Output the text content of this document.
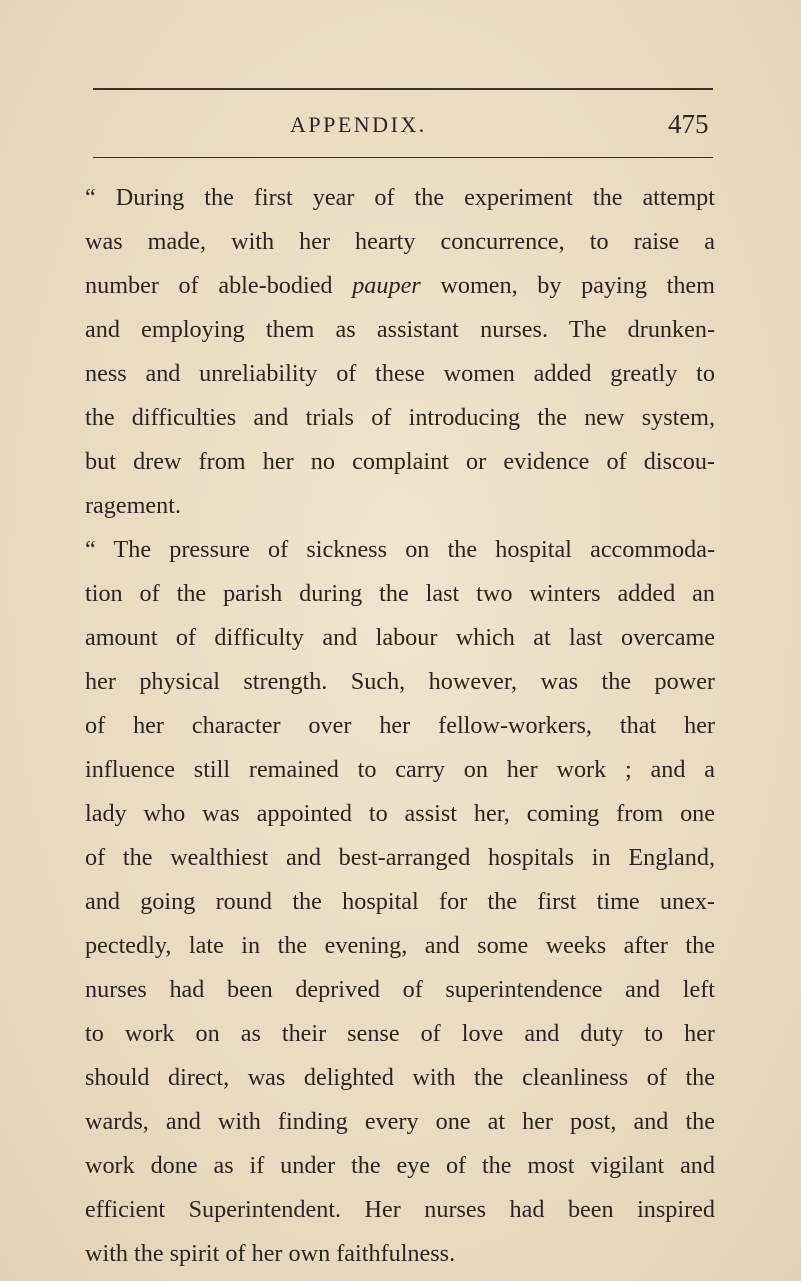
APPENDIX.	475
“ During the first year of the experiment the attempt
was made, with her hearty concurrence, to raise a
number of able-bodied pauper women, by paying them
and employing them as assistant nurses. The drunken-
ness and unreliability of these women added greatly to
the difficulties and trials of introducing the new system,
but drew from her no complaint or evidence of discou-
ragement.
“ The pressure of sickness on the hospital accommoda-
tion of the parish during the last two winters added an
amount of difficulty and labour which at last overcame
her physical strength. Such, however, was the power
of her character over her fellow-workers, that her
influence still remained to carry on her work ; and a
lady who was appointed to assist her, coming from one
of the wealthiest and best-arranged hospitals in England,
and going round the hospital for the first time unex-
pectedly, late in the evening, and some weeks after the
nurses had been deprived of superintendence and left
to work on as their sense of love and duty to her
should direct, was delighted with the cleanliness of the
wards, and with finding every one at her post, and the
work done as if under the eye of the most vigilant and
efficient Superintendent. Her nurses had been inspired
with the spirit of her own faithfulness.
